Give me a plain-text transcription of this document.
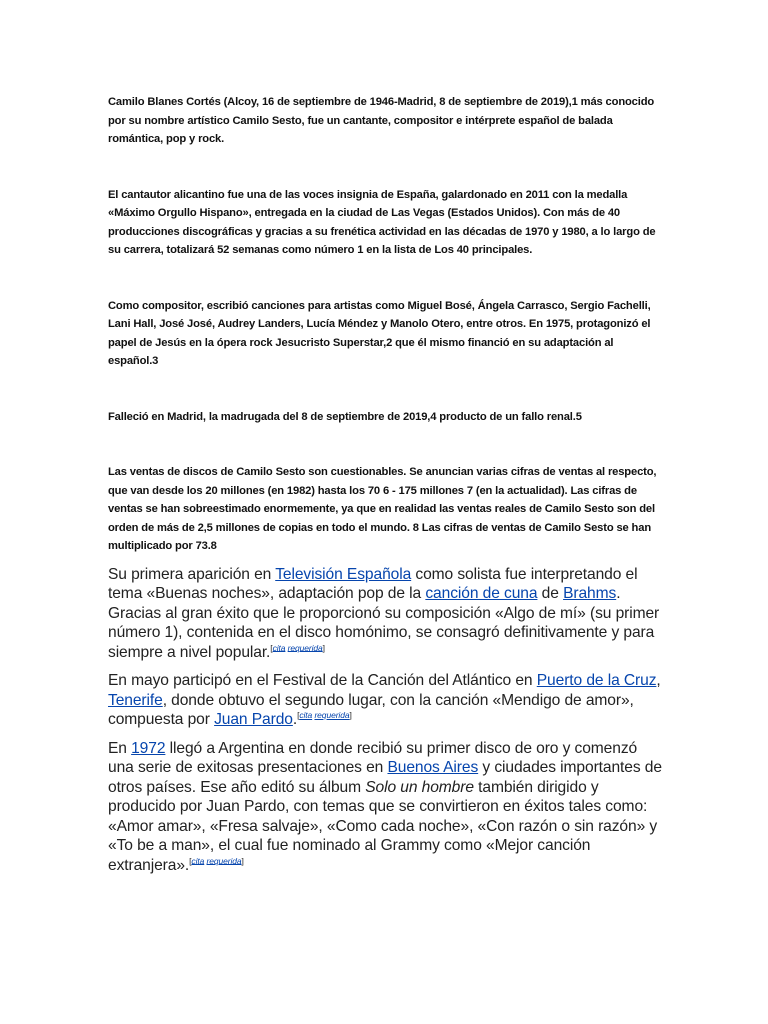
Camilo Blanes Cortés (Alcoy, 16 de septiembre de 1946-Madrid, 8 de septiembre de 2019),1 más conocido por su nombre artístico Camilo Sesto, fue un cantante, compositor e intérprete español de balada romántica, pop y rock.

El cantautor alicantino fue una de las voces insignia de España, galardonado en 2011 con la medalla «Máximo Orgullo Hispano», entregada en la ciudad de Las Vegas (Estados Unidos). Con más de 40 producciones discográficas y gracias a su frenética actividad en las décadas de 1970 y 1980, a lo largo de su carrera, totalizará 52 semanas como número 1 en la lista de Los 40 principales.

Como compositor, escribió canciones para artistas como Miguel Bosé, Ángela Carrasco, Sergio Fachelli, Lani Hall, José José, Audrey Landers, Lucía Méndez y Manolo Otero, entre otros. En 1975, protagonizó el papel de Jesús en la ópera rock Jesucristo Superstar,2 que él mismo financió en su adaptación al español.3

Falleció en Madrid, la madrugada del 8 de septiembre de 2019,4 producto de un fallo renal.5

Las ventas de discos de Camilo Sesto son cuestionables. Se anuncian varias cifras de ventas al respecto, que van desde los 20 millones (en 1982) hasta los 70 6 - 175 millones 7 (en la actualidad). Las cifras de ventas se han sobreestimado enormemente, ya que en realidad las ventas reales de Camilo Sesto son del orden de más de 2,5 millones de copias en todo el mundo. 8 Las cifras de ventas de Camilo Sesto se han multiplicado por 73.8

Su primera aparición en Televisión Española como solista fue interpretando el tema «Buenas noches», adaptación pop de la canción de cuna de Brahms. Gracias al gran éxito que le proporcionó su composición «Algo de mí» (su primer número 1), contenida en el disco homónimo, se consagró definitivamente y para siempre a nivel popular.[cita requerida]

En mayo participó en el Festival de la Canción del Atlántico en Puerto de la Cruz, Tenerife, donde obtuvo el segundo lugar, con la canción «Mendigo de amor», compuesta por Juan Pardo.[cita requerida]

En 1972 llegó a Argentina en donde recibió su primer disco de oro y comenzó una serie de exitosas presentaciones en Buenos Aires y ciudades importantes de otros países. Ese año editó su álbum Solo un hombre también dirigido y producido por Juan Pardo, con temas que se convirtieron en éxitos tales como: «Amor amar», «Fresa salvaje», «Como cada noche», «Con razón o sin razón» y «To be a man», el cual fue nominado al Grammy como «Mejor canción extranjera».[cita requerida]
